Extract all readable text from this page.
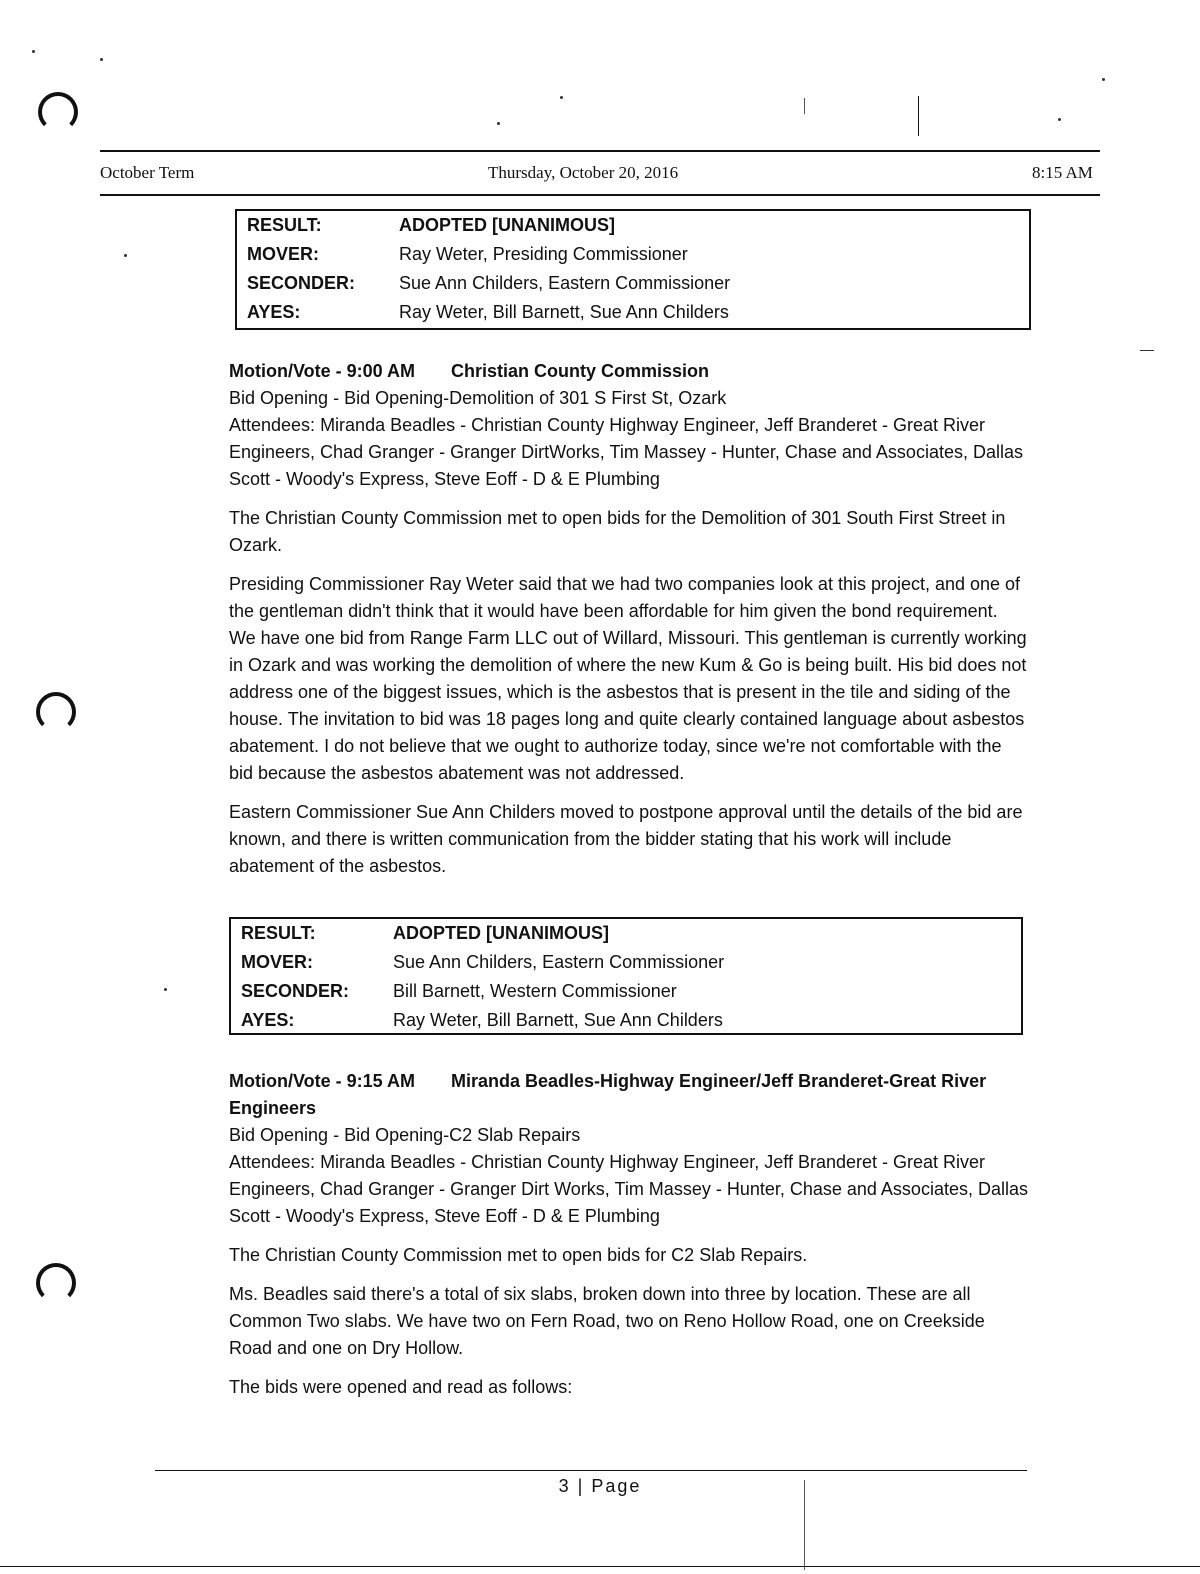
October Term	Thursday, October 20, 2016	8:15 AM
RESULT:	ADOPTED [UNANIMOUS]
MOVER:	Ray Weter, Presiding Commissioner
SECONDER:	Sue Ann Childers, Eastern Commissioner
AYES:	Ray Weter, Bill Barnett, Sue Ann Childers

Motion/Vote - 9:00 AM Christian County Commission

Bid Opening - Bid Opening-Demolition of 301 S First St, Ozark

Attendees: Miranda Beadles - Christian County Highway Engineer, Jeff Branderet - Great River Engineers, Chad Granger - Granger DirtWorks, Tim Massey - Hunter, Chase and Associates, Dallas Scott - Woody's Express, Steve Eoff - D & E Plumbing

The Christian County Commission met to open bids for the Demolition of 301 South First Street in Ozark.

Presiding Commissioner Ray Weter said that we had two companies look at this project, and one of the gentleman didn't think that it would have been affordable for him given the bond requirement. We have one bid from Range Farm LLC out of Willard, Missouri. This gentleman is currently working in Ozark and was working the demolition of where the new Kum & Go is being built. His bid does not address one of the biggest issues, which is the asbestos that is present in the tile and siding of the house. The invitation to bid was 18 pages long and quite clearly contained language about asbestos abatement. I do not believe that we ought to authorize today, since we're not comfortable with the bid because the asbestos abatement was not addressed.

Eastern Commissioner Sue Ann Childers moved to postpone approval until the details of the bid are known, and there is written communication from the bidder stating that his work will include abatement of the asbestos.

RESULT:	ADOPTED [UNANIMOUS]
MOVER:	Sue Ann Childers, Eastern Commissioner
SECONDER:	Bill Barnett, Western Commissioner
AYES:	Ray Weter, Bill Barnett, Sue Ann Childers

Motion/Vote - 9:15 AM Miranda Beadles-Highway Engineer/Jeff Branderet-Great River Engineers

Bid Opening - Bid Opening-C2 Slab Repairs

Attendees: Miranda Beadles - Christian County Highway Engineer, Jeff Branderet - Great River Engineers, Chad Granger - Granger Dirt Works, Tim Massey - Hunter, Chase and Associates, Dallas Scott - Woody's Express, Steve Eoff - D & E Plumbing

The Christian County Commission met to open bids for C2 Slab Repairs.

Ms. Beadles said there's a total of six slabs, broken down into three by location. These are all Common Two slabs. We have two on Fern Road, two on Reno Hollow Road, one on Creekside Road and one on Dry Hollow.

The bids were opened and read as follows:

3 | Page
